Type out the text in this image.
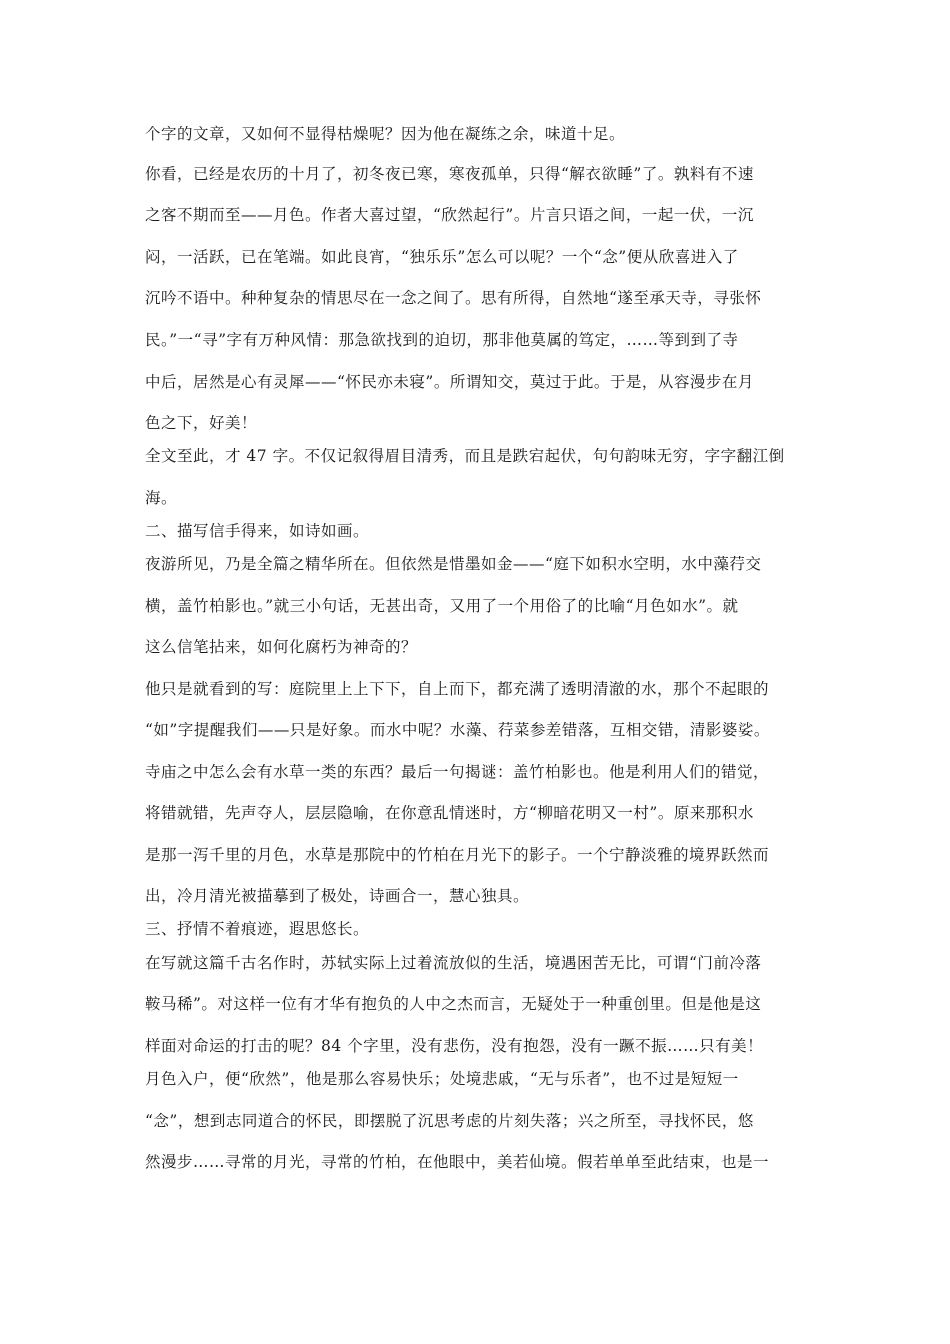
个字的文章，又如何不显得枯燥呢？因为他在凝练之余，味道十足。
你看，已经是农历的十月了，初冬夜已寒，寒夜孤单，只得“解衣欲睡”了。孰料有不速
之客不期而至——月色。作者大喜过望，“欣然起行”。片言只语之间，一起一伏，一沉
闷，一活跃，已在笔端。如此良宵，“独乐乐”怎么可以呢？一个“念”便从欣喜进入了
沉吟不语中。种种复杂的情思尽在一念之间了。思有所得，自然地“遂至承天寺，寻张怀
民。”一“寻”字有万种风情：那急欲找到的迫切，那非他莫属的笃定，……等到到了寺
中后，居然是心有灵犀——“怀民亦未寝”。所谓知交，莫过于此。于是，从容漫步在月
色之下，好美！
全文至此，才 47 字。不仅记叙得眉目清秀，而且是跌宕起伏，句句韵味无穷，字字翻江倒
海。
二、描写信手得来，如诗如画。
夜游所见，乃是全篇之精华所在。但依然是惜墨如金——“庭下如积水空明，水中藻荇交
横，盖竹柏影也。”就三小句话，无甚出奇，又用了一个用俗了的比喻“月色如水”。就
这么信笔拈来，如何化腐朽为神奇的？
他只是就看到的写：庭院里上上下下，自上而下，都充满了透明清澈的水，那个不起眼的
“如”字提醒我们——只是好象。而水中呢？水藻、荇菜参差错落，互相交错，清影婆娑。
寺庙之中怎么会有水草一类的东西？最后一句揭谜：盖竹柏影也。他是利用人们的错觉，
将错就错，先声夺人，层层隐喻，在你意乱情迷时，方“柳暗花明又一村”。原来那积水
是那一泻千里的月色，水草是那院中的竹柏在月光下的影子。一个宁静淡雅的境界跃然而
出，冷月清光被描摹到了极处，诗画合一，慧心独具。
三、抒情不着痕迹，遐思悠长。
在写就这篇千古名作时，苏轼实际上过着流放似的生活，境遇困苦无比，可谓“门前冷落
鞍马稀”。对这样一位有才华有抱负的人中之杰而言，无疑处于一种重创里。但是他是这
样面对命运的打击的呢？84 个字里，没有悲伤，没有抱怨，没有一蹶不振……只有美！
月色入户，便“欣然”，他是那么容易快乐；处境悲戚，“无与乐者”，也不过是短短一
“念”，想到志同道合的怀民，即摆脱了沉思考虑的片刻失落；兴之所至，寻找怀民，悠
然漫步……寻常的月光，寻常的竹柏，在他眼中，美若仙境。假若单单至此结束，也是一
